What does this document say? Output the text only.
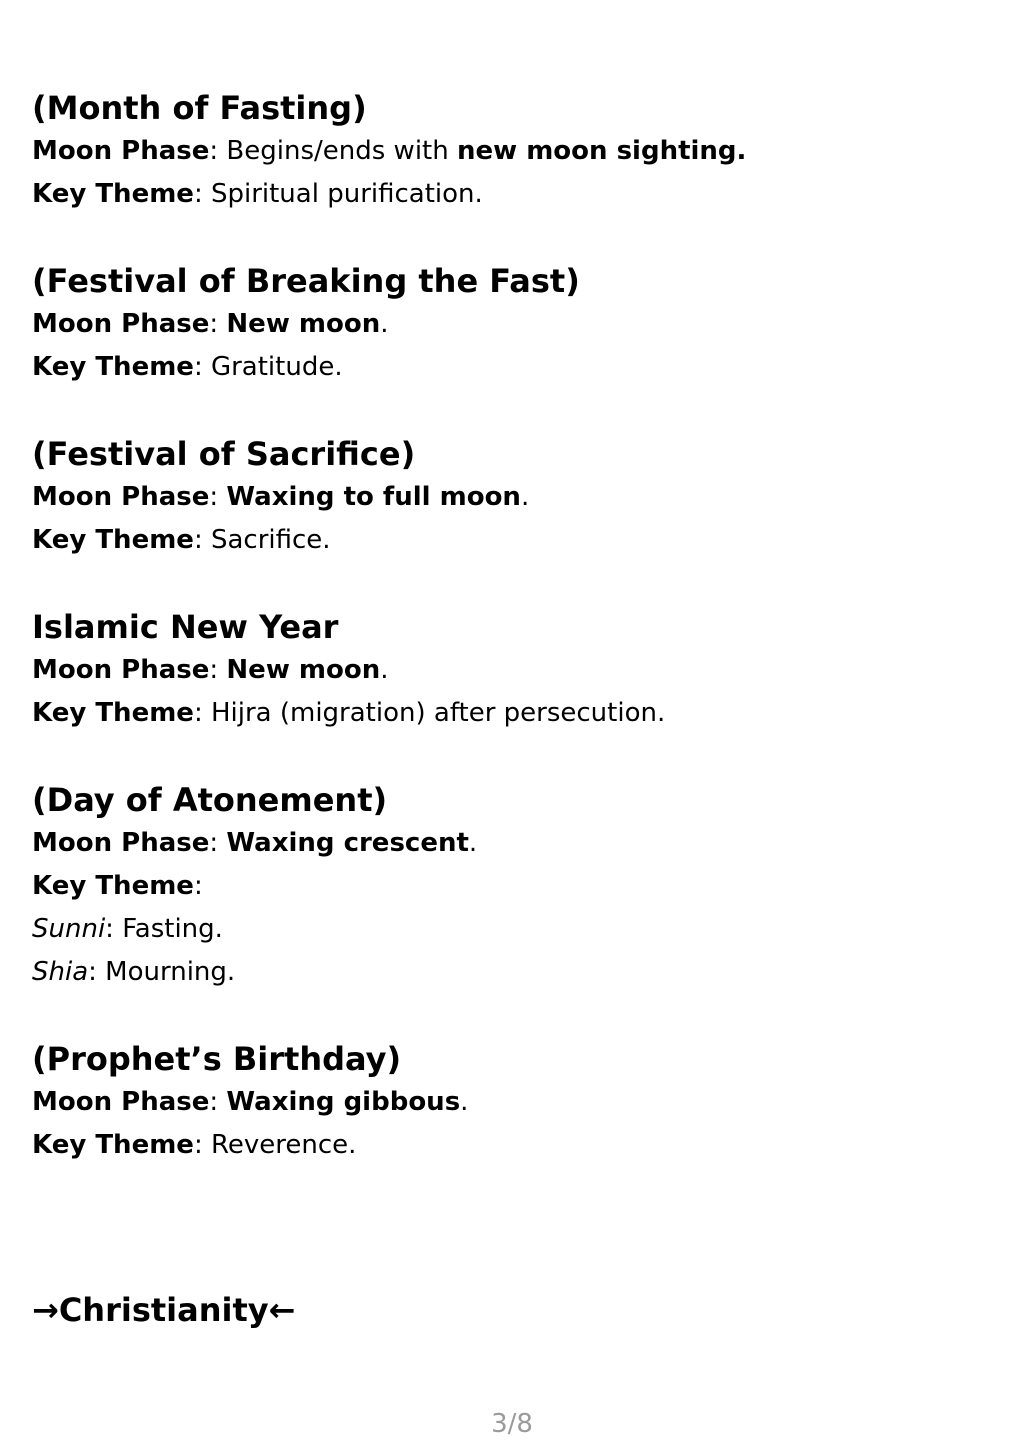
(Month of Fasting)
Moon Phase: Begins/ends with new moon sighting.
Key Theme: Spiritual purification.
(Festival of Breaking the Fast)
Moon Phase: New moon.
Key Theme: Gratitude.
(Festival of Sacrifice)
Moon Phase: Waxing to full moon.
Key Theme: Sacrifice.
Islamic New Year
Moon Phase: New moon.
Key Theme: Hijra (migration) after persecution.
(Day of Atonement)
Moon Phase: Waxing crescent.
Key Theme:
Sunni: Fasting.
Shia: Mourning.
(Prophet’s Birthday)
Moon Phase: Waxing gibbous.
Key Theme: Reverence.
→Christianity←
3/8
